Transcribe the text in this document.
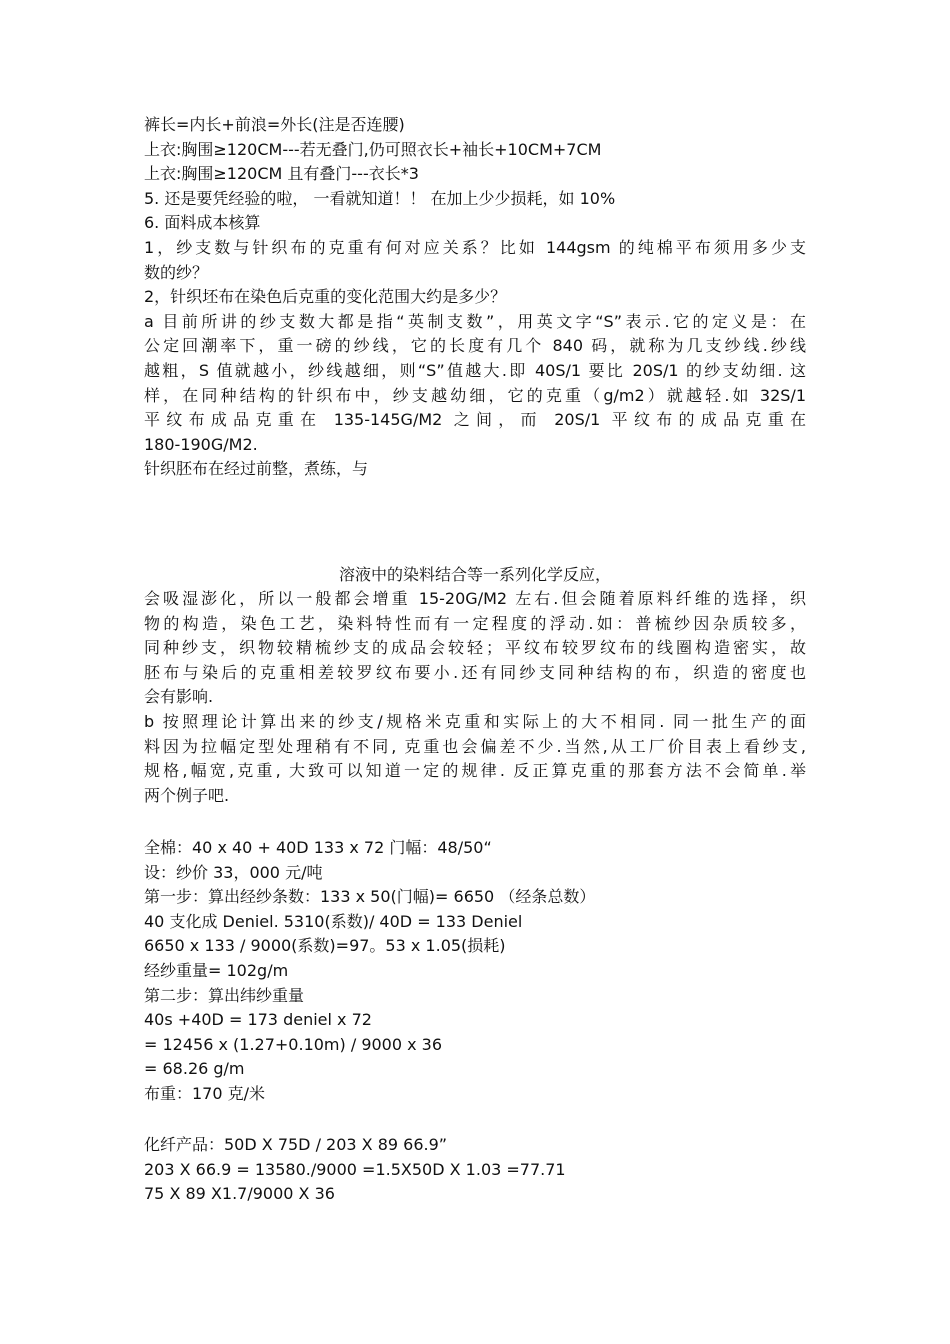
裤长=内长+前浪=外长(注是否连腰)

上衣:胸围≥120CM---若无叠门,仍可照衣长+袖长+10CM+7CM

上衣:胸围≥120CM 且有叠门---衣长*3

5. 还是要凭经验的啦， 一看就知道！！ 在加上少少损耗，如 10%

6. 面料成本核算

1，纱支数与针织布的克重有何对应关系？比如 144gsm 的纯棉平布须用多少支

数的纱？

2，针织坯布在染色后克重的变化范围大约是多少？

a 目前所讲的纱支数大都是指“英制支数”，用英文字“S”表示.它的定义是：在

公定回潮率下，重一磅的纱线，它的长度有几个 840 码，就称为几支纱线.纱线

越粗，S 值就越小，纱线越细，则“S”值越大.即 40S/1 要比 20S/1 的纱支幼细. 这

样，在同种结构的针织布中，纱支越幼细，它的克重（g/m2）就越轻.如 32S/1

平纹布成品克重在 135-145G/M2 之间，而 20S/1 平纹布的成品克重在

180-190G/M2.

针织胚布在经过前整，煮练，与

溶液中的染料结合等一系列化学反应，

会吸湿澎化，所以一般都会增重 15-20G/M2 左右.但会随着原料纤维的选择，织

物的构造，染色工艺，染料特性而有一定程度的浮动.如：普梳纱因杂质较多，

同种纱支，织物较精梳纱支的成品会较轻；平纹布较罗纹布的线圈构造密实，故

胚布与染后的克重相差较罗纹布要小.还有同纱支同种结构的布，织造的密度也

会有影响.

b 按照理论计算出来的纱支/规格米克重和实际上的大不相同. 同一批生产的面

料因为拉幅定型处理稍有不同, 克重也会偏差不少.当然,从工厂价目表上看纱支,

规格,幅宽,克重, 大致可以知道一定的规律. 反正算克重的那套方法不会简单.举

两个例子吧.

全棉：40 x 40 + 40D 133 x 72 门幅：48/50“

设：纱价 33，000 元/吨

第一步：算出经纱条数：133 x 50(门幅)= 6650 （经条总数）

40 支化成 Deniel. 5310(系数)/ 40D = 133 Deniel

6650 x 133 / 9000(系数)=97。53 x 1.05(损耗)

经纱重量= 102g/m

第二步：算出纬纱重量

40s +40D = 173 deniel x 72

= 12456 x (1.27+0.10m) / 9000 x 36

= 68.26 g/m

布重：170 克/米

化纤产品：50D X 75D / 203 X 89 66.9”

203 X 66.9 = 13580./9000 =1.5X50D X 1.03 =77.71

75 X 89 X1.7/9000 X 36
